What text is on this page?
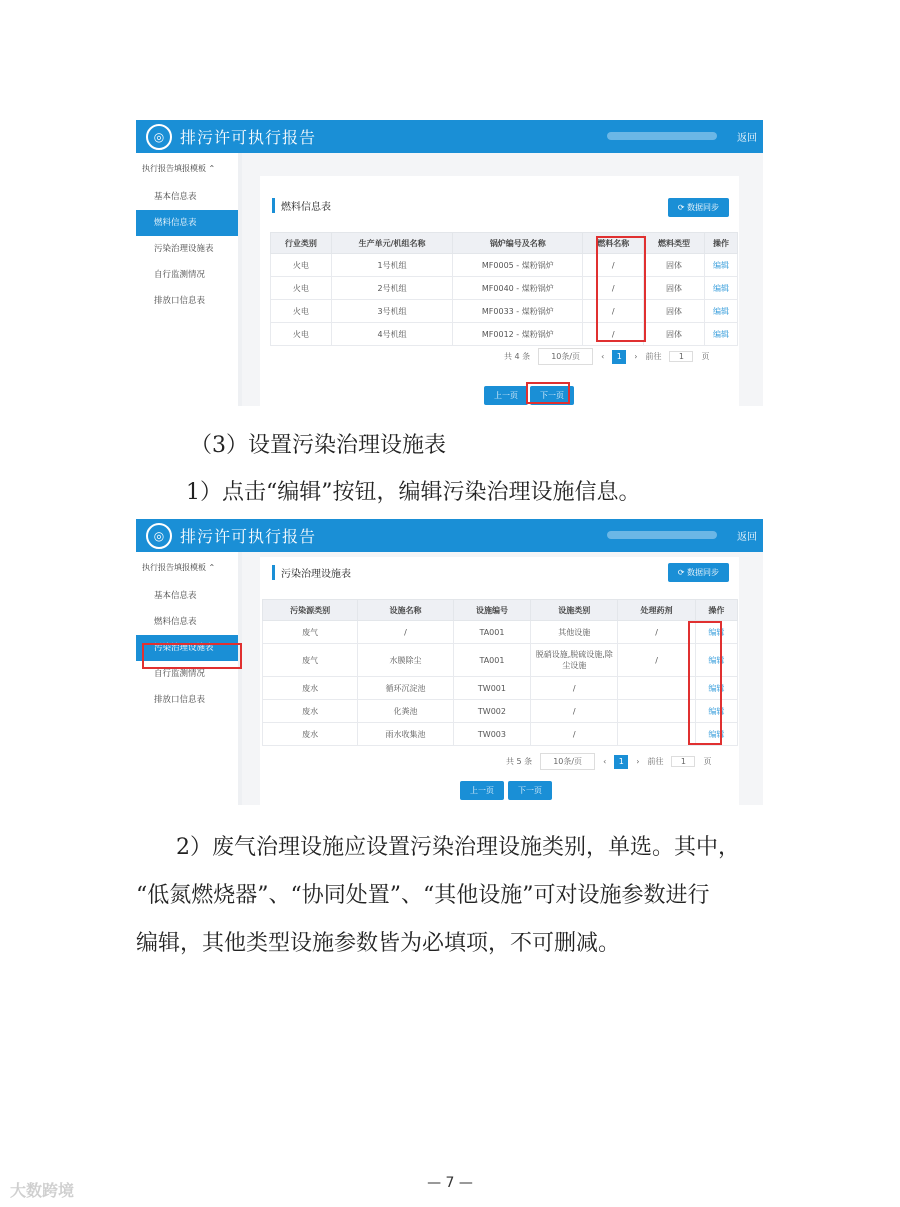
◎ 排污许可执行报告	返回
执行报告填报模板 ⌃
基本信息表
燃料信息表
污染治理设施表
自行监测情况
排放口信息表
燃料信息表	⟳ 数据同步
行业类别	生产单元/机组名称	锅炉编号及名称	燃料名称	燃料类型	操作
火电	1号机组	MF0005 - 煤粉锅炉	/	固体	编辑
火电	2号机组	MF0040 - 煤粉锅炉	/	固体	编辑
火电	3号机组	MF0033 - 煤粉锅炉	/	固体	编辑
火电	4号机组	MF0012 - 煤粉锅炉	/	固体	编辑
共 4 条	10条/页	‹	1	› 前往	1	页
上一页	下一页
（3）设置污染治理设施表
1）点击“编辑”按钮，编辑污染治理设施信息。
◎ 排污许可执行报告	返回
执行报告填报模板 ⌃
基本信息表
燃料信息表
污染治理设施表
自行监测情况
排放口信息表
污染治理设施表	⟳ 数据同步
污染源类别	设施名称	设施编号	设施类别	处理药剂	操作
废气	/	TA001	其他设施	/	编辑
废气	水膜除尘	TA001	脱硝设施,脱硫设施,除尘设施	/	编辑
废水	循环沉淀池	TW001	/		编辑
废水	化粪池	TW002	/		编辑
废水	雨水收集池	TW003	/		编辑
共 5 条	10条/页	‹	1	› 前往	1	页
上一页	下一页
2）废气治理设施应设置污染治理设施类别，单选。其中，
“低氮燃烧器”、“协同处置”、“其他设施”可对设施参数进行
编辑，其他类型设施参数皆为必填项，不可删减。
— 7 —
大数跨境
